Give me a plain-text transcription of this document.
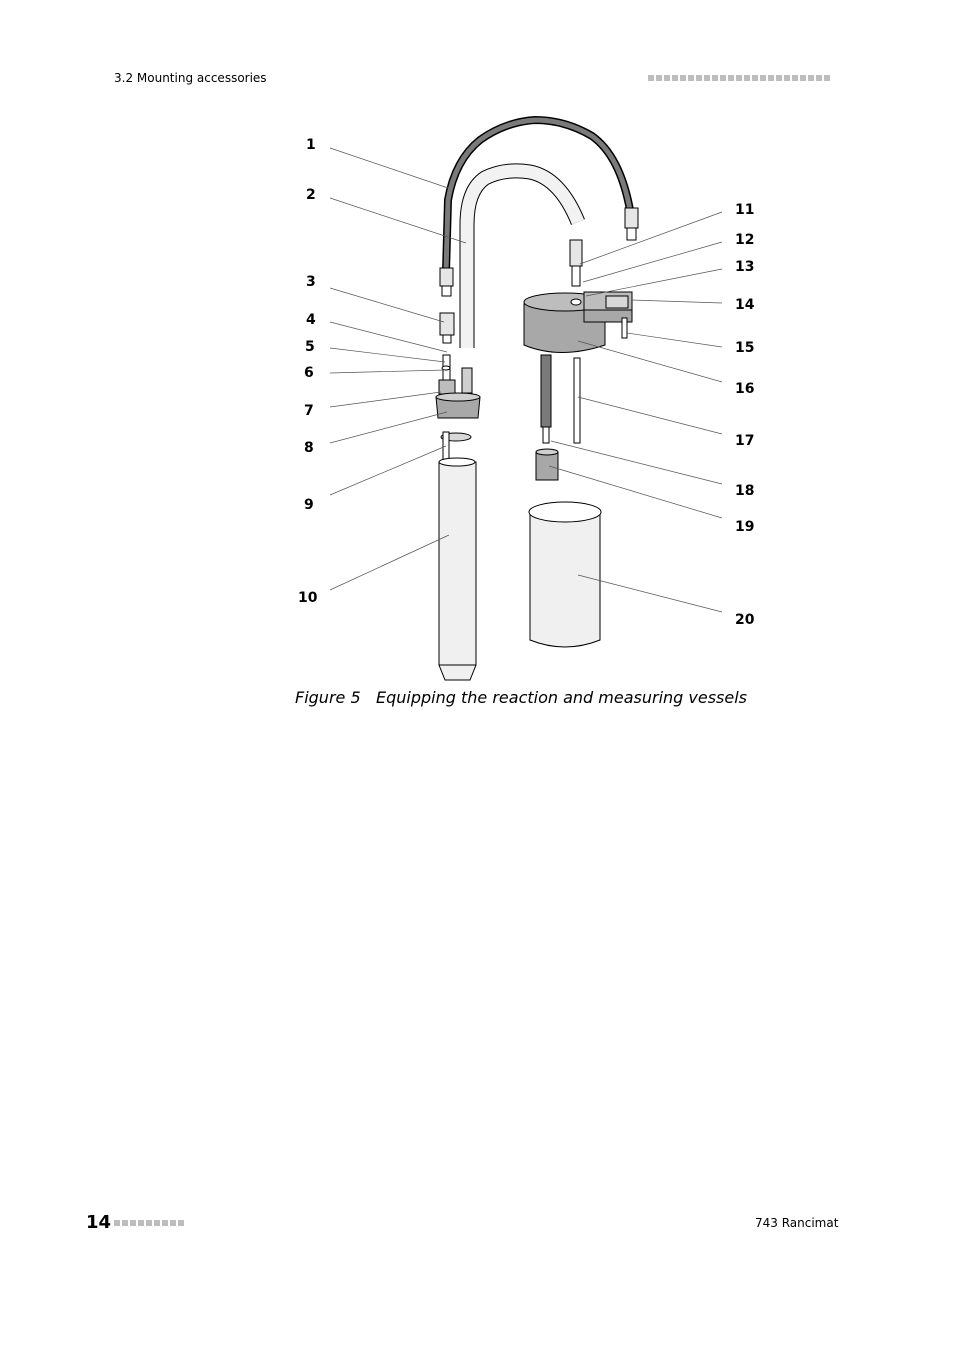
3.2 Mounting accessories
1
2
3
4
5
6
7
8
9
10
11
12
13
14
15
16
17
18
19
20
Figure 5 Equipping the reaction and measuring vessels
14	743 Rancimat
